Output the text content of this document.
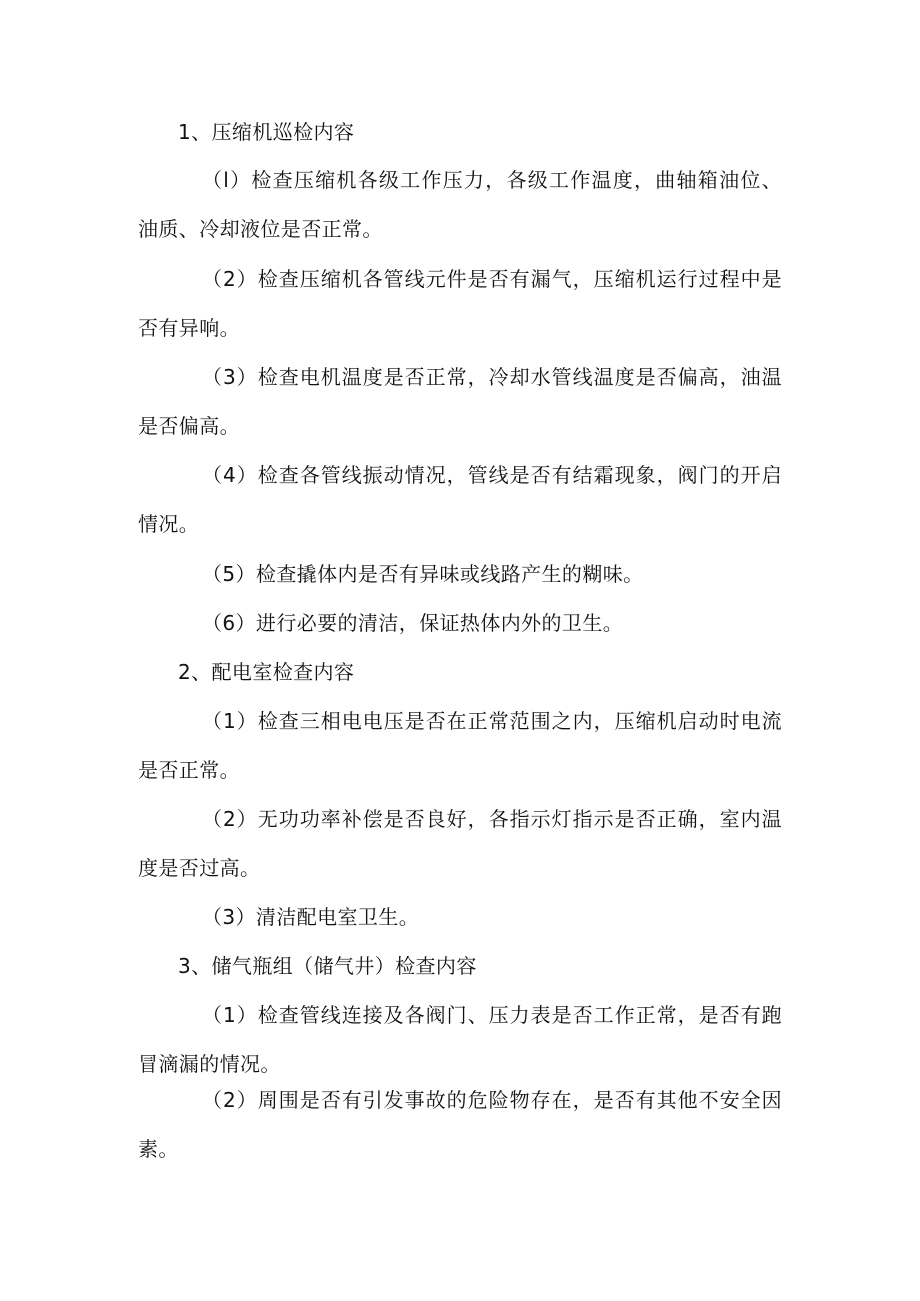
1、压缩机巡检内容
（l）检查压缩机各级工作压力，各级工作温度，曲轴箱油位、
油质、冷却液位是否正常。
（2）检查压缩机各管线元件是否有漏气，压缩机运行过程中是
否有异响。
（3）检查电机温度是否正常，冷却水管线温度是否偏高，油温
是否偏高。
（4）检查各管线振动情况，管线是否有结霜现象，阀门的开启
情况。
（5）检查撬体内是否有异味或线路产生的糊味。
（6）进行必要的清洁，保证热体内外的卫生。
2、配电室检查内容
（1）检查三相电电压是否在正常范围之内，压缩机启动时电流
是否正常。
（2）无功功率补偿是否良好，各指示灯指示是否正确，室内温
度是否过高。
（3）清洁配电室卫生。
3、储气瓶组（储气井）检查内容
（1）检查管线连接及各阀门、压力表是否工作正常，是否有跑
冒滴漏的情况。
（2）周围是否有引发事故的危险物存在，是否有其他不安全因
素。
